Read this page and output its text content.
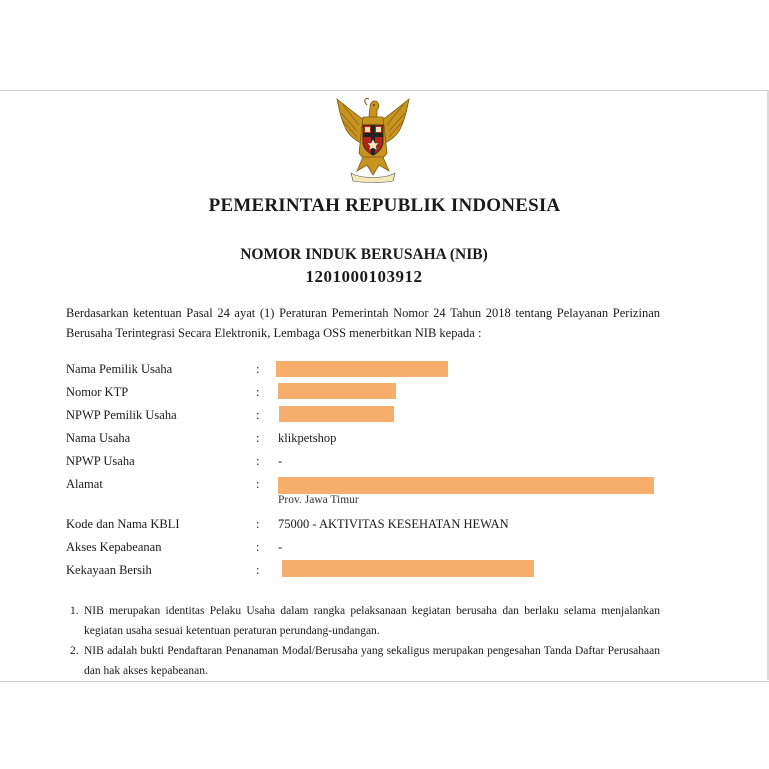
PEMERINTAH REPUBLIK INDONESIA
NOMOR INDUK BERUSAHA (NIB)
1201000103912
Berdasarkan ketentuan Pasal 24 ayat (1) Peraturan Pemerintah Nomor 24 Tahun 2018 tentang Pelayanan Perizinan Berusaha Terintegrasi Secara Elektronik, Lembaga OSS menerbitkan NIB kepada :
Nama Pemilik Usaha	:
Nomor KTP	:
NPWP Pemilik Usaha	:
Nama Usaha	: klikpetshop
NPWP Usaha	: -
Alamat	:
Prov. Jawa Timur
Kode dan Nama KBLI	: 75000 - AKTIVITAS KESEHATAN HEWAN
Akses Kepabeanan	: -
Kekayaan Bersih	:
1. NIB merupakan identitas Pelaku Usaha dalam rangka pelaksanaan kegiatan berusaha dan berlaku selama menjalankan kegiatan usaha sesuai ketentuan peraturan perundang-undangan.
2. NIB adalah bukti Pendaftaran Penanaman Modal/Berusaha yang sekaligus merupakan pengesahan Tanda Daftar Perusahaan dan hak akses kepabeanan.
